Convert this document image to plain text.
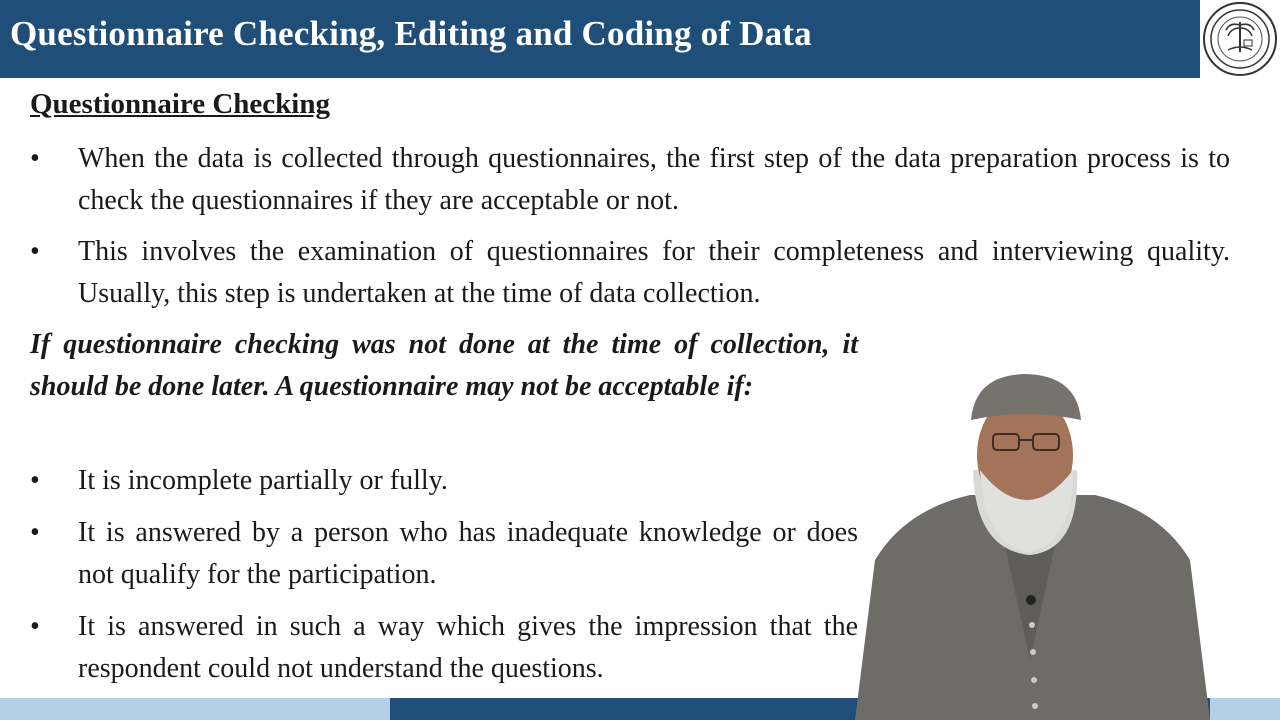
Questionnaire Checking, Editing and Coding of Data
Questionnaire Checking
•	When the data is collected through questionnaires, the first step of the data preparation process is to check the questionnaires if they are acceptable or not.
•	This involves the examination of questionnaires for their completeness and interviewing quality. Usually, this step is undertaken at the time of data collection.
If questionnaire checking was not done at the time of collection, it should be done later. A questionnaire may not be acceptable if:
•	It is incomplete partially or fully.
•	It is answered by a person who has inadequate knowledge or does not qualify for the participation.
•	It is answered in such a way which gives the impression that the respondent could not understand the questions.
